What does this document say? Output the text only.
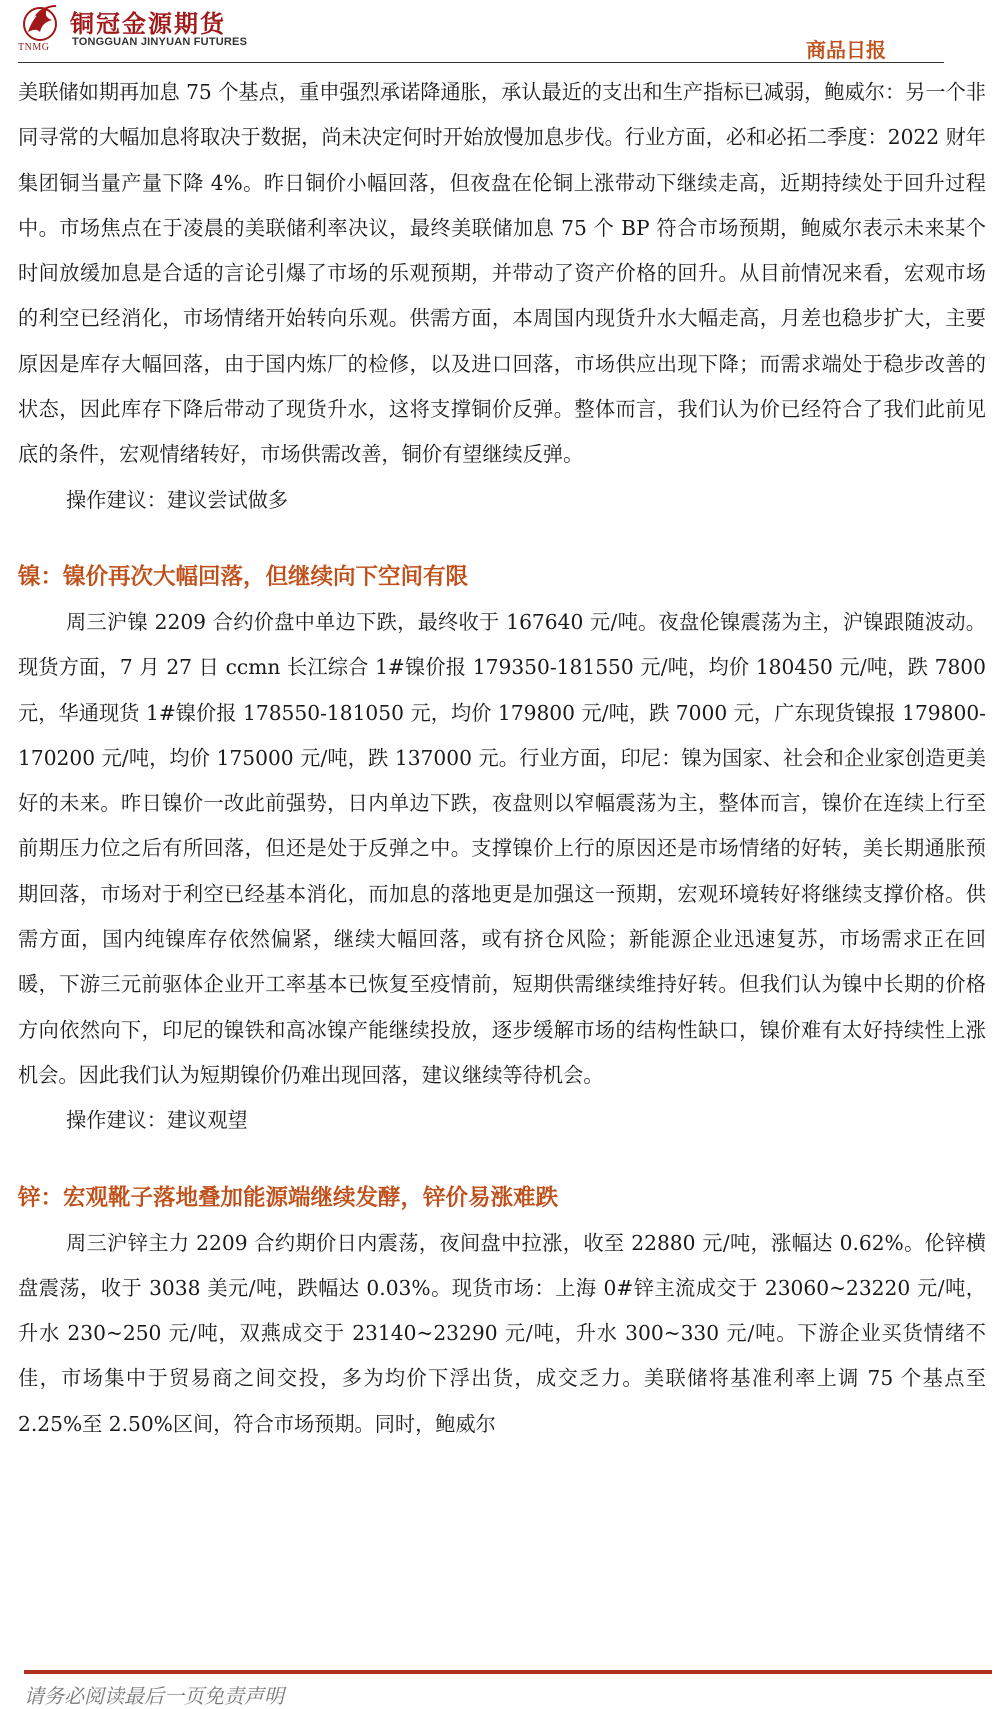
TNMG
铜冠金源期货
TONGGUAN JINYUAN FUTURES	商品日报

美联储如期再加息 75 个基点，重申强烈承诺降通胀，承认最近的支出和生产指标已减弱，鲍威尔：另一个非同寻常的大幅加息将取决于数据，尚未决定何时开始放慢加息步伐。行业方面，必和必拓二季度：2022 财年集团铜当量产量下降 4%。昨日铜价小幅回落，但夜盘在伦铜上涨带动下继续走高，近期持续处于回升过程中。市场焦点在于凌晨的美联储利率决议，最终美联储加息 75 个 BP 符合市场预期，鲍威尔表示未来某个时间放缓加息是合适的言论引爆了市场的乐观预期，并带动了资产价格的回升。从目前情况来看，宏观市场的利空已经消化，市场情绪开始转向乐观。供需方面，本周国内现货升水大幅走高，月差也稳步扩大，主要原因是库存大幅回落，由于国内炼厂的检修，以及进口回落，市场供应出现下降；而需求端处于稳步改善的状态，因此库存下降后带动了现货升水，这将支撑铜价反弹。整体而言，我们认为价已经符合了我们此前见底的条件，宏观情绪转好，市场供需改善，铜价有望继续反弹。

操作建议：建议尝试做多

镍：镍价再次大幅回落，但继续向下空间有限

周三沪镍 2209 合约价盘中单边下跌，最终收于 167640 元/吨。夜盘伦镍震荡为主，沪镍跟随波动。现货方面，7 月 27 日 ccmn 长江综合 1#镍价报 179350-181550 元/吨，均价 180450 元/吨，跌 7800 元，华通现货 1#镍价报 178550-181050 元，均价 179800 元/吨，跌 7000 元，广东现货镍报 179800-170200 元/吨，均价 175000 元/吨，跌 137000 元。行业方面，印尼：镍为国家、社会和企业家创造更美好的未来。昨日镍价一改此前强势，日内单边下跌，夜盘则以窄幅震荡为主，整体而言，镍价在连续上行至前期压力位之后有所回落，但还是处于反弹之中。支撑镍价上行的原因还是市场情绪的好转，美长期通胀预期回落，市场对于利空已经基本消化，而加息的落地更是加强这一预期，宏观环境转好将继续支撑价格。供需方面，国内纯镍库存依然偏紧，继续大幅回落，或有挤仓风险；新能源企业迅速复苏，市场需求正在回暖，下游三元前驱体企业开工率基本已恢复至疫情前，短期供需继续维持好转。但我们认为镍中长期的价格方向依然向下，印尼的镍铁和高冰镍产能继续投放，逐步缓解市场的结构性缺口，镍价难有太好持续性上涨机会。因此我们认为短期镍价仍难出现回落，建议继续等待机会。

操作建议：建议观望

锌：宏观靴子落地叠加能源端继续发酵，锌价易涨难跌

周三沪锌主力 2209 合约期价日内震荡，夜间盘中拉涨，收至 22880 元/吨，涨幅达 0.62%。伦锌横盘震荡，收于 3038 美元/吨，跌幅达 0.03%。现货市场：上海 0#锌主流成交于 23060~23220 元/吨，升水 230~250 元/吨，双燕成交于 23140~23290 元/吨，升水 300~330 元/吨。下游企业买货情绪不佳，市场集中于贸易商之间交投，多为均价下浮出货，成交乏力。美联储将基准利率上调 75 个基点至 2.25%至 2.50%区间，符合市场预期。同时，鲍威尔

请务必阅读最后一页免责声明
